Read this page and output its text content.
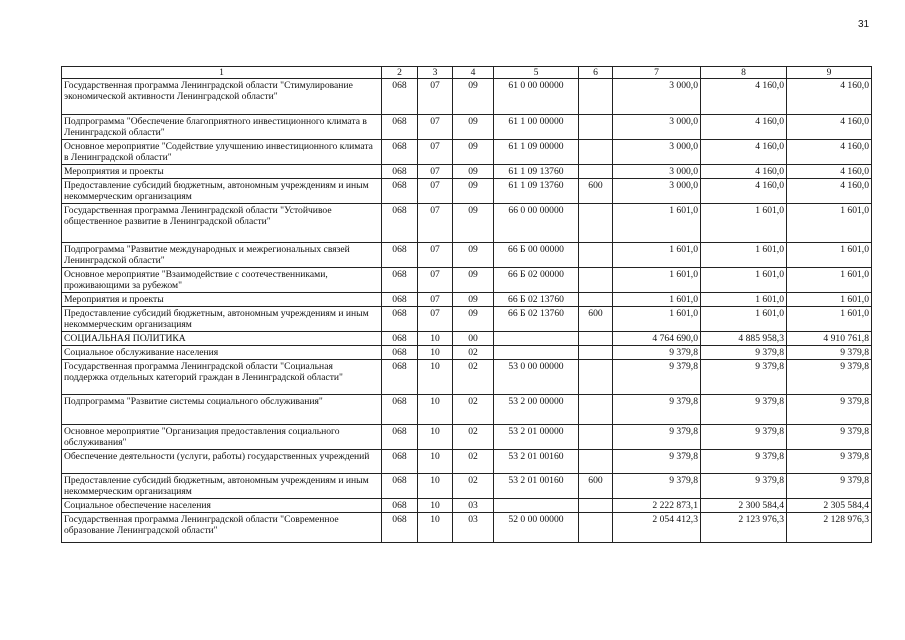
31
1	2	3	4	5	6	7	8	9
Государственная программа Ленинградской области "Стимулирование экономической активности Ленинградской области"	068	07	09	61 0 00 00000		3 000,0	4 160,0	4 160,0
Подпрограмма "Обеспечение благоприятного инвестиционного климата в Ленинградской области"	068	07	09	61 1 00 00000		3 000,0	4 160,0	4 160,0
Основное мероприятие "Содействие улучшению инвестиционного климата в Ленинградской области"	068	07	09	61 1 09 00000		3 000,0	4 160,0	4 160,0
Мероприятия и проекты	068	07	09	61 1 09 13760		3 000,0	4 160,0	4 160,0
Предоставление субсидий бюджетным, автономным учреждениям и иным некоммерческим организациям	068	07	09	61 1 09 13760	600	3 000,0	4 160,0	4 160,0
Государственная программа Ленинградской области "Устойчивое общественное развитие в Ленинградской области"	068	07	09	66 0 00 00000		1 601,0	1 601,0	1 601,0
Подпрограмма "Развитие международных и межрегиональных связей Ленинградской области"	068	07	09	66 Б 00 00000		1 601,0	1 601,0	1 601,0
Основное мероприятие "Взаимодействие с соотечественниками, проживающими за рубежом"	068	07	09	66 Б 02 00000		1 601,0	1 601,0	1 601,0
Мероприятия и проекты	068	07	09	66 Б 02 13760		1 601,0	1 601,0	1 601,0
Предоставление субсидий бюджетным, автономным учреждениям и иным некоммерческим организациям	068	07	09	66 Б 02 13760	600	1 601,0	1 601,0	1 601,0
СОЦИАЛЬНАЯ ПОЛИТИКА	068	10	00			4 764 690,0	4 885 958,3	4 910 761,8
Социальное обслуживание населения	068	10	02			9 379,8	9 379,8	9 379,8
Государственная программа Ленинградской области "Социальная поддержка отдельных категорий граждан в Ленинградской области"	068	10	02	53 0 00 00000		9 379,8	9 379,8	9 379,8
Подпрограмма "Развитие системы социального обслуживания"	068	10	02	53 2 00 00000		9 379,8	9 379,8	9 379,8
Основное мероприятие "Организация предоставления социального обслуживания"	068	10	02	53 2 01 00000		9 379,8	9 379,8	9 379,8
Обеспечение деятельности (услуги, работы) государственных учреждений	068	10	02	53 2 01 00160		9 379,8	9 379,8	9 379,8
Предоставление субсидий бюджетным, автономным учреждениям и иным некоммерческим организациям	068	10	02	53 2 01 00160	600	9 379,8	9 379,8	9 379,8
Социальное обеспечение населения	068	10	03			2 222 873,1	2 300 584,4	2 305 584,4
Государственная программа Ленинградской области "Современное образование Ленинградской области"	068	10	03	52 0 00 00000		2 054 412,3	2 123 976,3	2 128 976,3
